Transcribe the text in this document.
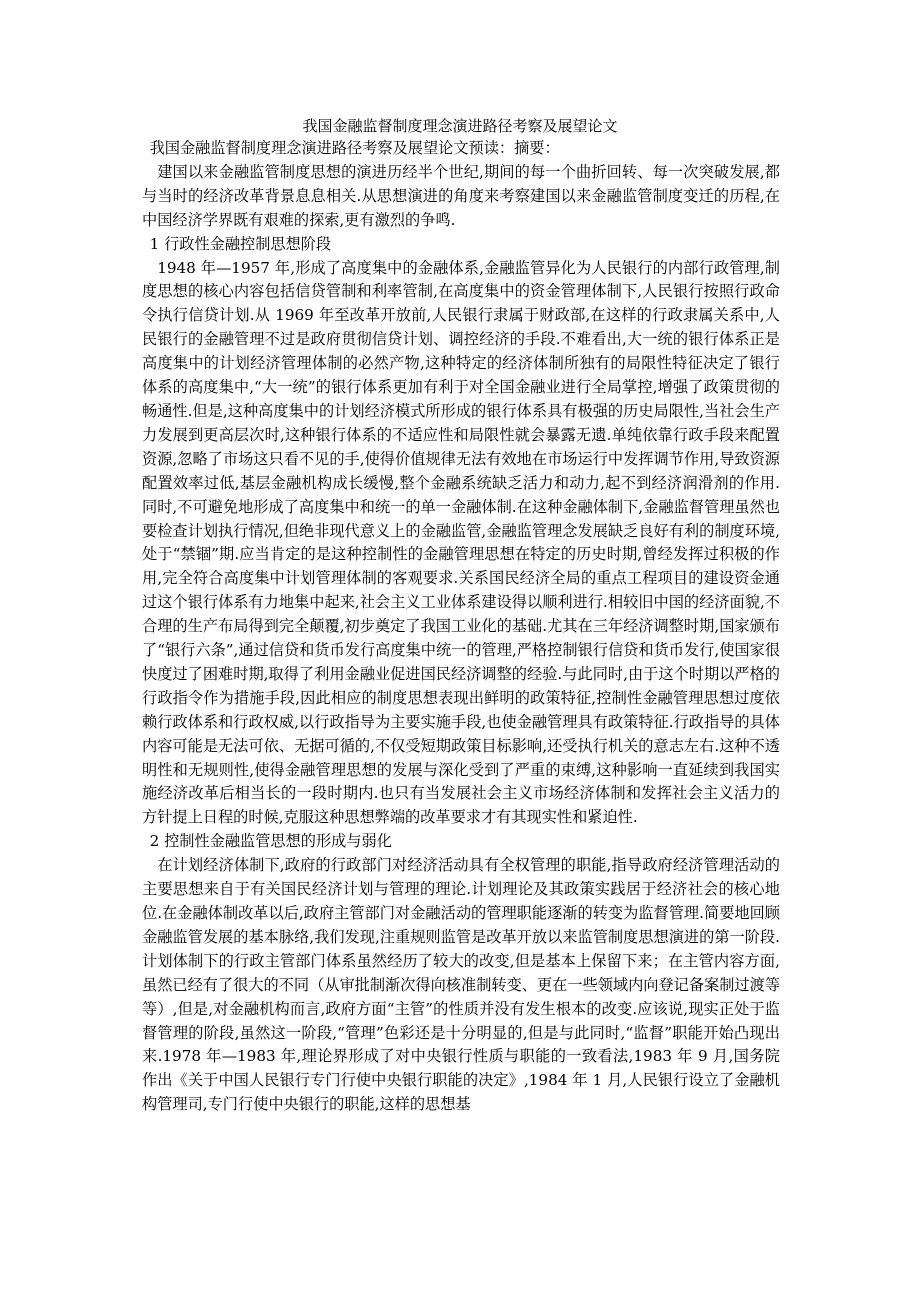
我国金融监督制度理念演进路径考察及展望论文

我国金融监督制度理念演进路径考察及展望论文预读：摘要：

建国以来金融监管制度思想的演进历经半个世纪,期间的每一个曲折回转、每一次突破发展,都与当时的经济改革背景息息相关.从思想演进的角度来考察建国以来金融监管制度变迁的历程,在中国经济学界既有艰难的探索,更有激烈的争鸣.

1 行政性金融控制思想阶段

1948 年—1957 年,形成了高度集中的金融体系,金融监管异化为人民银行的内部行政管理,制度思想的核心内容包括信贷管制和利率管制,在高度集中的资金管理体制下,人民银行按照行政命令执行信贷计划.从 1969 年至改革开放前,人民银行隶属于财政部,在这样的行政隶属关系中,人民银行的金融管理不过是政府贯彻信贷计划、调控经济的手段.不难看出,大一统的银行体系正是高度集中的计划经济管理体制的必然产物,这种特定的经济体制所独有的局限性特征决定了银行体系的高度集中,“大一统”的银行体系更加有利于对全国金融业进行全局掌控,增强了政策贯彻的畅通性.但是,这种高度集中的计划经济模式所形成的银行体系具有极强的历史局限性,当社会生产力发展到更高层次时,这种银行体系的不适应性和局限性就会暴露无遗.单纯依靠行政手段来配置资源,忽略了市场这只看不见的手,使得价值规律无法有效地在市场运行中发挥调节作用,导致资源配置效率过低,基层金融机构成长缓慢,整个金融系统缺乏活力和动力,起不到经济润滑剂的作用.同时,不可避免地形成了高度集中和统一的单一金融体制.在这种金融体制下,金融监督管理虽然也要检查计划执行情况,但绝非现代意义上的金融监管,金融监管理念发展缺乏良好有利的制度环境,处于“禁锢”期.应当肯定的是这种控制性的金融管理思想在特定的历史时期,曾经发挥过积极的作用,完全符合高度集中计划管理体制的客观要求.关系国民经济全局的重点工程项目的建设资金通过这个银行体系有力地集中起来,社会主义工业体系建设得以顺利进行.相较旧中国的经济面貌,不合理的生产布局得到完全颠覆,初步奠定了我国工业化的基础.尤其在三年经济调整时期,国家颁布了“银行六条”,通过信贷和货币发行高度集中统一的管理,严格控制银行信贷和货币发行,使国家很快度过了困难时期,取得了利用金融业促进国民经济调整的经验.与此同时,由于这个时期以严格的行政指令作为措施手段,因此相应的制度思想表现出鲜明的政策特征,控制性金融管理思想过度依赖行政体系和行政权威,以行政指导为主要实施手段,也使金融管理具有政策特征.行政指导的具体内容可能是无法可依、无据可循的,不仅受短期政策目标影响,还受执行机关的意志左右.这种不透明性和无规则性,使得金融管理思想的发展与深化受到了严重的束缚,这种影响一直延续到我国实施经济改革后相当长的一段时期内.也只有当发展社会主义市场经济体制和发挥社会主义活力的方针提上日程的时候,克服这种思想弊端的改革要求才有其现实性和紧迫性.

2 控制性金融监管思想的形成与弱化

在计划经济体制下,政府的行政部门对经济活动具有全权管理的职能,指导政府经济管理活动的主要思想来自于有关国民经济计划与管理的理论.计划理论及其政策实践居于经济社会的核心地位.在金融体制改革以后,政府主管部门对金融活动的管理职能逐渐的转变为监督管理.简要地回顾金融监管发展的基本脉络,我们发现,注重规则监管是改革开放以来监管制度思想演进的第一阶段.计划体制下的行政主管部门体系虽然经历了较大的改变,但是基本上保留下来；在主管内容方面,虽然已经有了很大的不同（从审批制渐次得向核准制转变、更在一些领域内向登记备案制过渡等等）,但是,对金融机构而言,政府方面“主管”的性质并没有发生根本的改变.应该说,现实正处于监督管理的阶段,虽然这一阶段,“管理”色彩还是十分明显的,但是与此同时,“监督”职能开始凸现出来.1978 年—1983 年,理论界形成了对中央银行性质与职能的一致看法,1983 年 9 月,国务院作出《关于中国人民银行专门行使中央银行职能的决定》,1984 年 1 月,人民银行设立了金融机构管理司,专门行使中央银行的职能,这样的思想基
